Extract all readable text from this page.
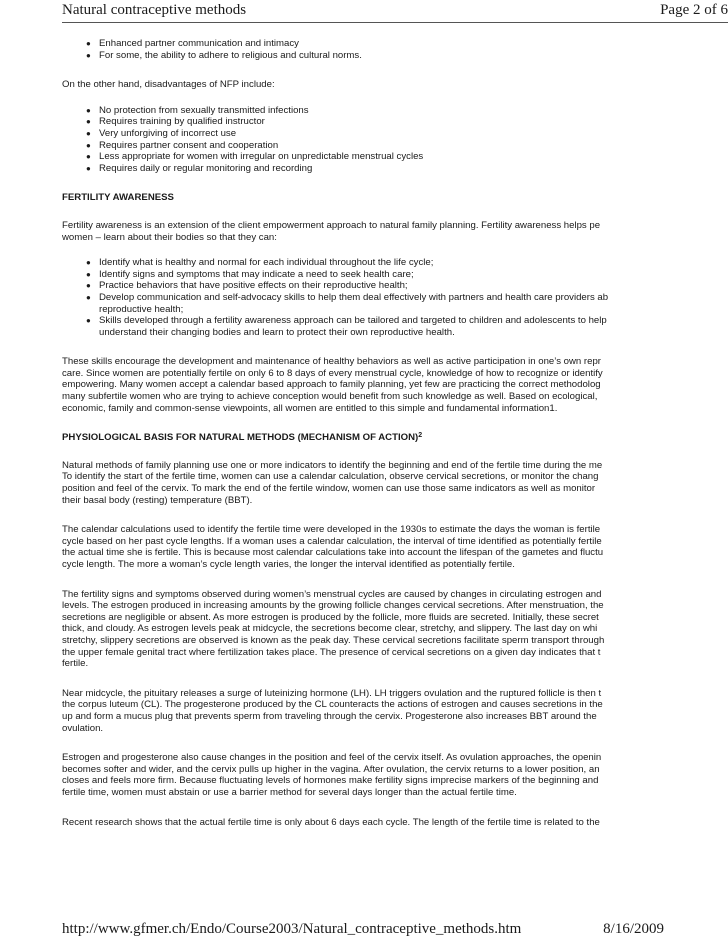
Natural contraceptive methods	Page 2 of 6
● Enhanced partner communication and intimacy
● For some, the ability to adhere to religious and cultural norms.

On the other hand, disadvantages of NFP include:

● No protection from sexually transmitted infections
● Requires training by qualified instructor
● Very unforgiving of incorrect use
● Requires partner consent and cooperation
● Less appropriate for women with irregular on unpredictable menstrual cycles
● Requires daily or regular monitoring and recording

FERTILITY AWARENESS

Fertility awareness is an extension of the client empowerment approach to natural family planning. Fertility awareness helps pe
women – learn about their bodies so that they can:

● Identify what is healthy and normal for each individual throughout the life cycle;
● Identify signs and symptoms that may indicate a need to seek health care;
● Practice behaviors that have positive effects on their reproductive health;
● Develop communication and self-advocacy skills to help them deal effectively with partners and health care providers ab
reproductive health;
● Skills developed through a fertility awareness approach can be tailored and targeted to children and adolescents to help
understand their changing bodies and learn to protect their own reproductive health.

These skills encourage the development and maintenance of healthy behaviors as well as active participation in one’s own repr
care. Since women are potentially fertile on only 6 to 8 days of every menstrual cycle, knowledge of how to recognize or identify
empowering. Many women accept a calendar based approach to family planning, yet few are practicing the correct methodolog
many subfertile women who are trying to achieve conception would benefit from such knowledge as well. Based on ecological,
economic, family and common-sense viewpoints, all women are entitled to this simple and fundamental information1.

PHYSIOLOGICAL BASIS FOR NATURAL METHODS (MECHANISM OF ACTION)$^2$

Natural methods of family planning use one or more indicators to identify the beginning and end of the fertile time during the me
To identify the start of the fertile time, women can use a calendar calculation, observe cervical secretions, or monitor the chang
position and feel of the cervix. To mark the end of the fertile window, women can use those same indicators as well as monitor
their basal body (resting) temperature (BBT).

The calendar calculations used to identify the fertile time were developed in the 1930s to estimate the days the woman is fertile
cycle based on her past cycle lengths. If a woman uses a calendar calculation, the interval of time identified as potentially fertile
the actual time she is fertile. This is because most calendar calculations take into account the lifespan of the gametes and fluctu
cycle length. The more a woman’s cycle length varies, the longer the interval identified as potentially fertile.

The fertility signs and symptoms observed during women’s menstrual cycles are caused by changes in circulating estrogen and
levels. The estrogen produced in increasing amounts by the growing follicle changes cervical secretions. After menstruation, the
secretions are negligible or absent. As more estrogen is produced by the follicle, more fluids are secreted. Initially, these secret
thick, and cloudy. As estrogen levels peak at midcycle, the secretions become clear, stretchy, and slippery. The last day on whi
stretchy, slippery secretions are observed is known as the peak day. These cervical secretions facilitate sperm transport through
the upper female genital tract where fertilization takes place. The presence of cervical secretions on a given day indicates that t
fertile.

Near midcycle, the pituitary releases a surge of luteinizing hormone (LH). LH triggers ovulation and the ruptured follicle is then t
the corpus luteum (CL). The progesterone produced by the CL counteracts the actions of estrogen and causes secretions in the
up and form a mucus plug that prevents sperm from traveling through the cervix. Progesterone also increases BBT around the
ovulation.

Estrogen and progesterone also cause changes in the position and feel of the cervix itself. As ovulation approaches, the openin
becomes softer and wider, and the cervix pulls up higher in the vagina. After ovulation, the cervix returns to a lower position, an
closes and feels more firm. Because fluctuating levels of hormones make fertility signs imprecise markers of the beginning and
fertile time, women must abstain or use a barrier method for several days longer than the actual fertile time.

Recent research shows that the actual fertile time is only about 6 days each cycle. The length of the fertile time is related to the

http://www.gfmer.ch/Endo/Course2003/Natural_contraceptive_methods.htm	8/16/2009
